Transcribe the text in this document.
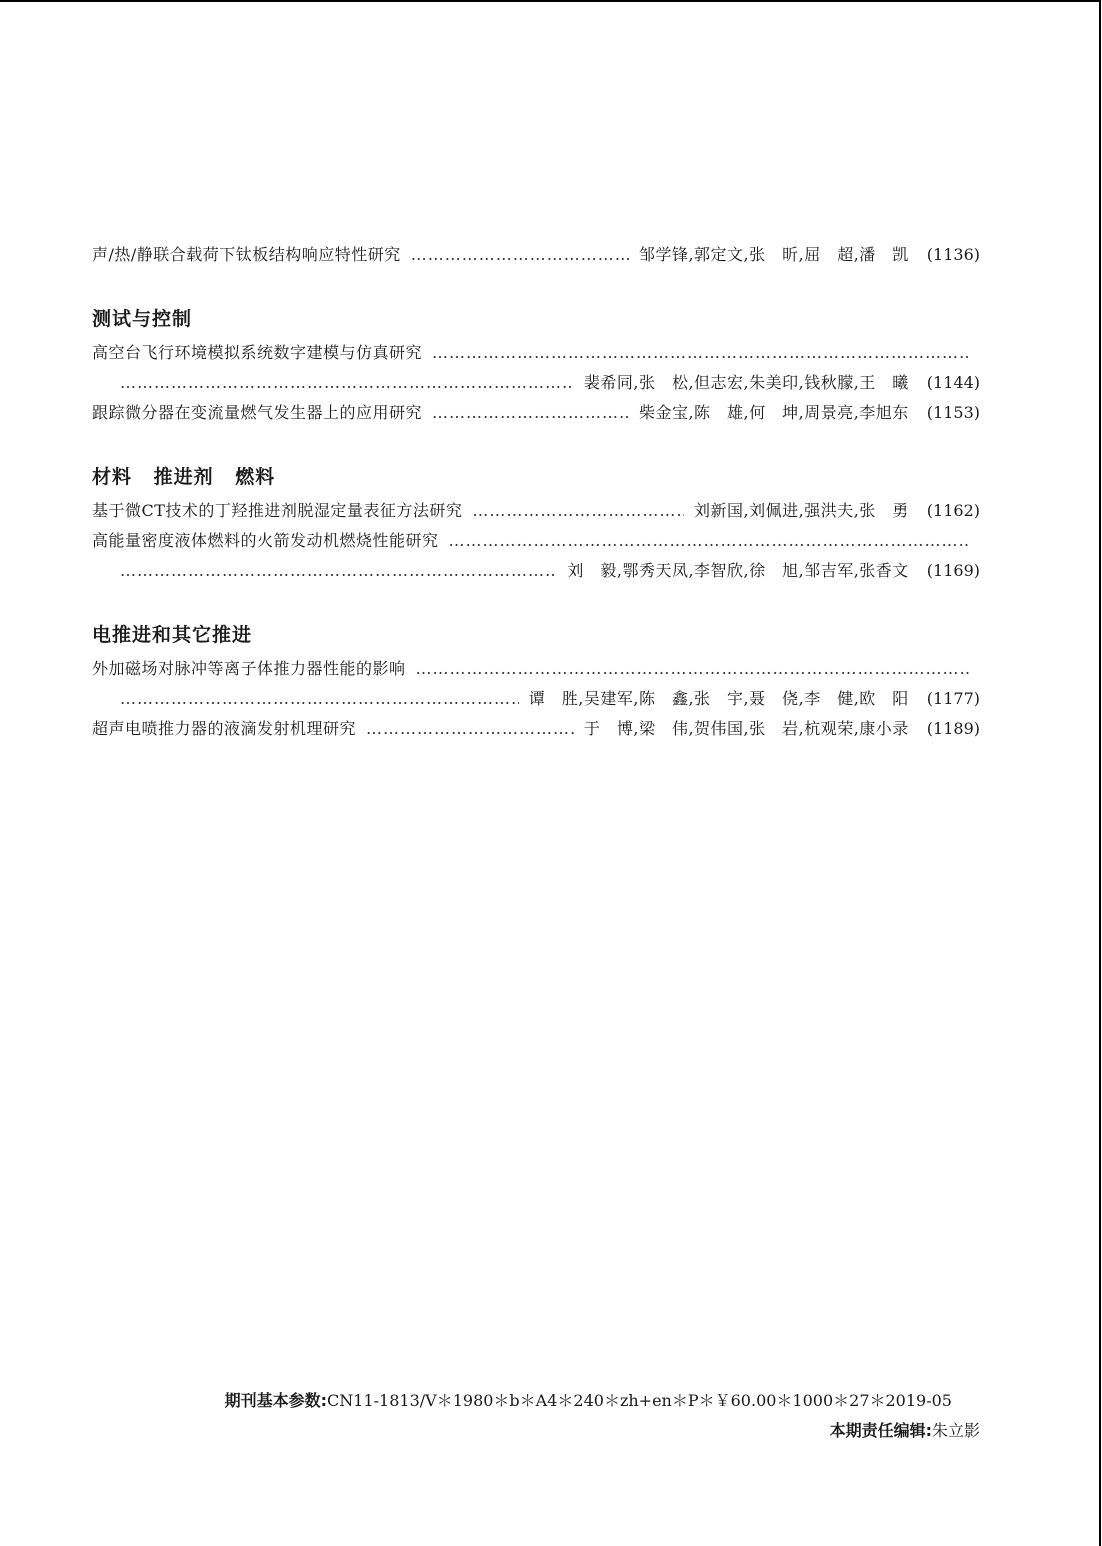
声/热/静联合载荷下钛板结构响应特性研究 ………………………………………………………………………………………………………………………………………………………………………………	邹学锋,郭定文,张　昕,屈　超,潘　凯 (1136)
测试与控制
高空台飞行环境模拟系统数字建模与仿真研究
………………………………………………………………………………………………………………………………………………………………………………
………………………………………………………………………………………………………………………………………………………………………………
裴希同,张　松,但志宏,朱美印,钱秋朦,王　曦 (1144)
跟踪微分器在变流量燃气发生器上的应用研究 ………………………………………………………………………………………………………………………………………………………………………………	柴金宝,陈　雄,何　坤,周景亮,李旭东 (1153)
材料 推进剂 燃料
基于微CT技术的丁羟推进剂脱湿定量表征方法研究 ………………………………………………………………………………………………………………………………………………………………………………	刘新国,刘佩进,强洪夫,张　勇 (1162)
高能量密度液体燃料的火箭发动机燃烧性能研究
………………………………………………………………………………………………………………………………………………………………………………
………………………………………………………………………………………………………………………………………………………………………………
刘　毅,鄂秀天凤,李智欣,徐　旭,邹吉军,张香文 (1169)
电推进和其它推进
外加磁场对脉冲等离子体推力器性能的影响
………………………………………………………………………………………………………………………………………………………………………………
………………………………………………………………………………………………………………………………………………………………………………
谭　胜,吴建军,陈　鑫,张　宇,聂　侥,李　健,欧　阳 (1177)
超声电喷推力器的液滴发射机理研究 ………………………………………………………………………………………………………………………………………………………………………………	于　博,梁　伟,贺伟国,张　岩,杭观荣,康小录 (1189)
期刊基本参数:CN11-1813/V＊1980＊b＊A4＊240＊zh+en＊P＊￥60.00＊1000＊27＊2019-05
本期责任编辑:朱立影
